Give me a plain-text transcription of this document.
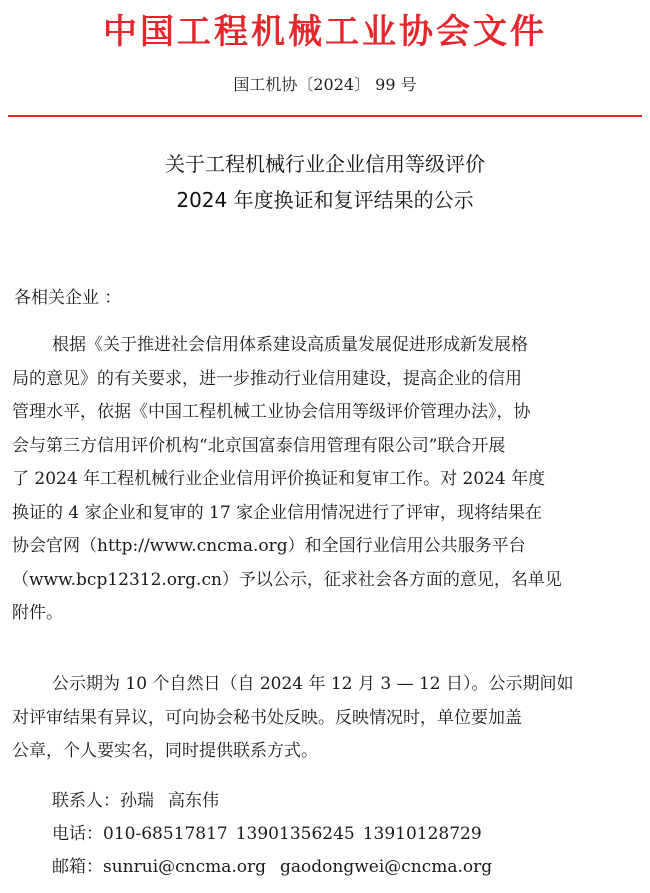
中国工程机械工业协会文件
国工机协〔2024〕 99 号
关于工程机械行业企业信用等级评价
2024 年度换证和复评结果的公示
各相关企业 ：
根据《关于推进社会信用体系建设高质量发展促进形成新发展格
局的意见》的有关要求，进一步推动行业信用建设，提高企业的信用
管理水平，依据《中国工程机械工业协会信用等级评价管理办法》，协
会与第三方信用评价机构“北京国富泰信用管理有限公司”联合开展
了 2024 年工程机械行业企业信用评价换证和复审工作。对 2024 年度
换证的 4 家企业和复审的 17 家企业信用情况进行了评审，现将结果在
协会官网（http://www.cncma.org）和全国行业信用公共服务平台
（www.bcp12312.org.cn）予以公示，征求社会各方面的意见，名单见
附件。
公示期为 10 个自然日（自 2024 年 12 月 3 — 12 日）。公示期间如
对评审结果有异议，可向协会秘书处反映。反映情况时，单位要加盖
公章，个人要实名，同时提供联系方式。
联系人：孙瑞 高东伟
电话：010-68517817 13901356245 13910128729
邮箱：sunrui@cncma.org gaodongwei@cncma.org
